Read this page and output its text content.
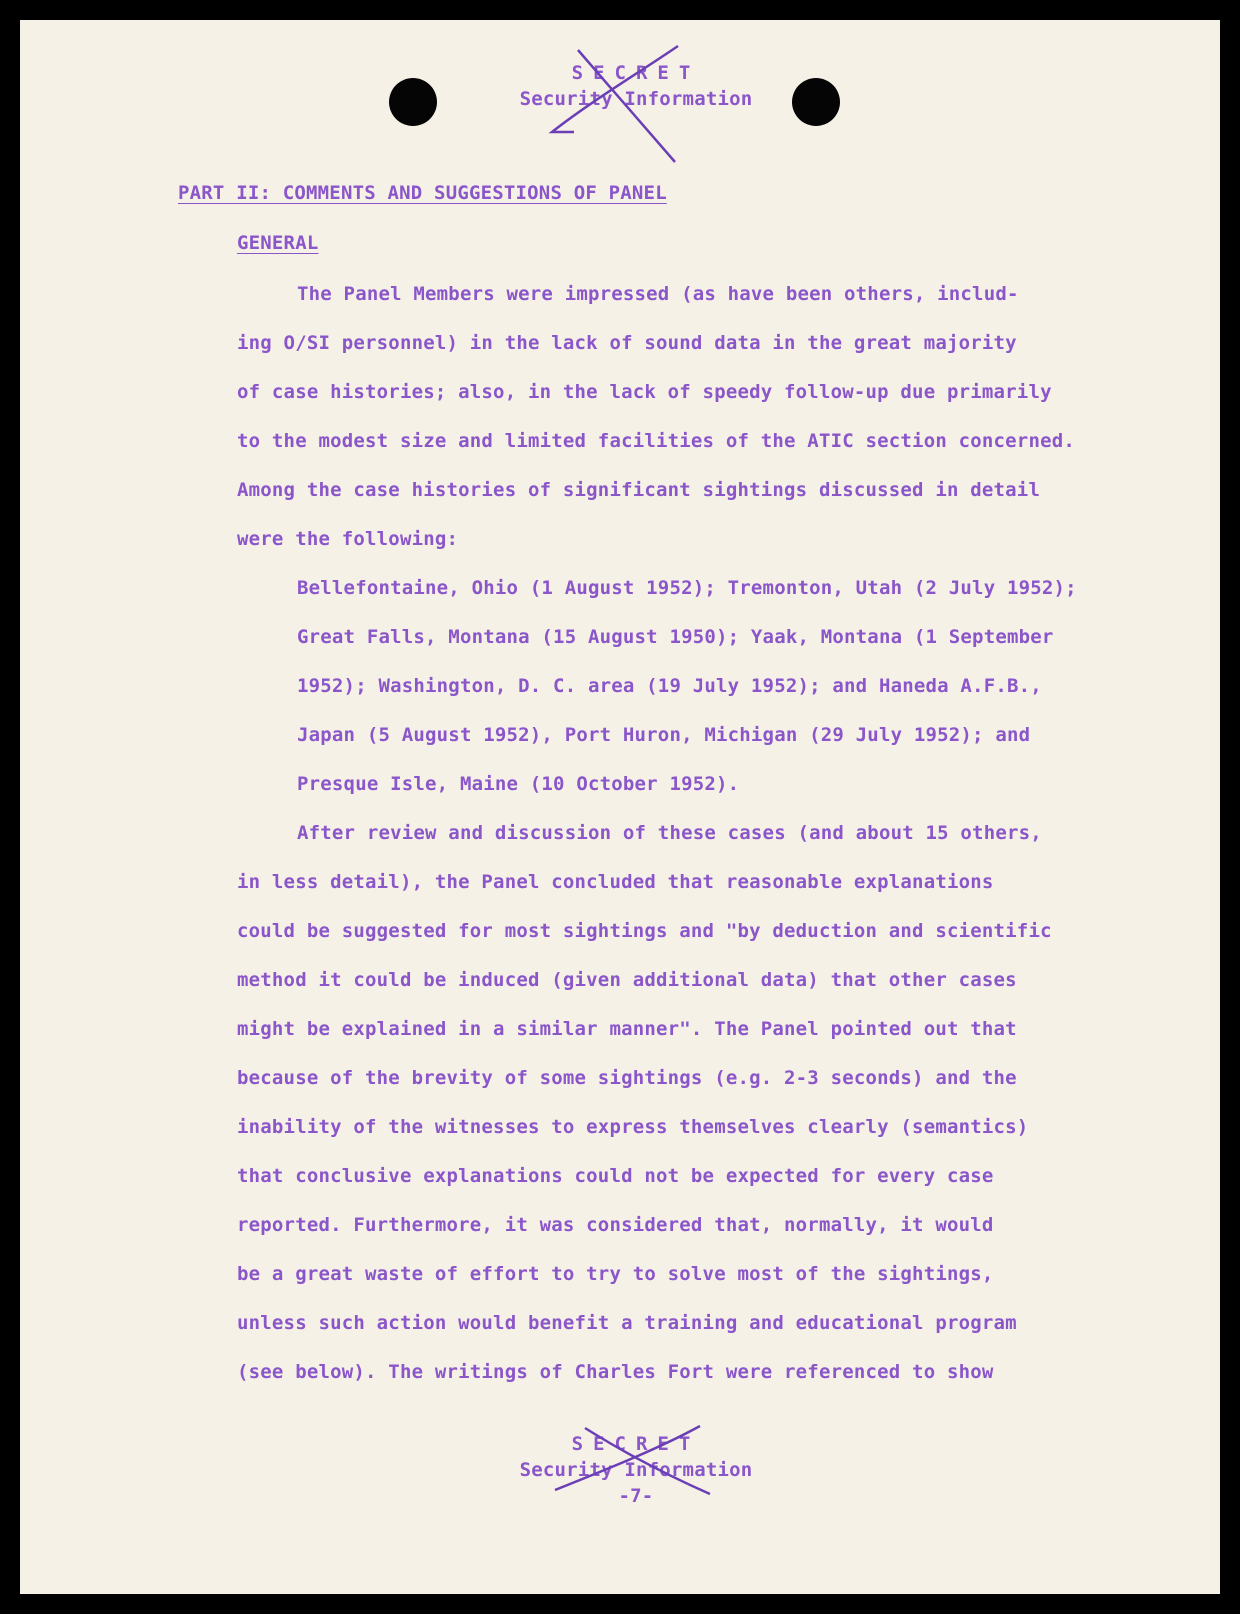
SECRET
Security Information
PART II: COMMENTS AND SUGGESTIONS OF PANEL
GENERAL
The Panel Members were impressed (as have been others, includ-
ing O/SI personnel) in the lack of sound data in the great majority
of case histories; also, in the lack of speedy follow-up due primarily
to the modest size and limited facilities of the ATIC section concerned.
Among the case histories of significant sightings discussed in detail
were the following:
Bellefontaine, Ohio (1 August 1952); Tremonton, Utah (2 July 1952);
Great Falls, Montana (15 August 1950); Yaak, Montana (1 September
1952); Washington, D. C. area (19 July 1952); and Haneda A.F.B.,
Japan (5 August 1952), Port Huron, Michigan (29 July 1952); and
Presque Isle, Maine (10 October 1952).
After review and discussion of these cases (and about 15 others,
in less detail), the Panel concluded that reasonable explanations
could be suggested for most sightings and "by deduction and scientific
method it could be induced (given additional data) that other cases
might be explained in a similar manner". The Panel pointed out that
because of the brevity of some sightings (e.g. 2-3 seconds) and the
inability of the witnesses to express themselves clearly (semantics)
that conclusive explanations could not be expected for every case
reported. Furthermore, it was considered that, normally, it would
be a great waste of effort to try to solve most of the sightings,
unless such action would benefit a training and educational program
(see below). The writings of Charles Fort were referenced to show
SECRET
Security Information
-7-
